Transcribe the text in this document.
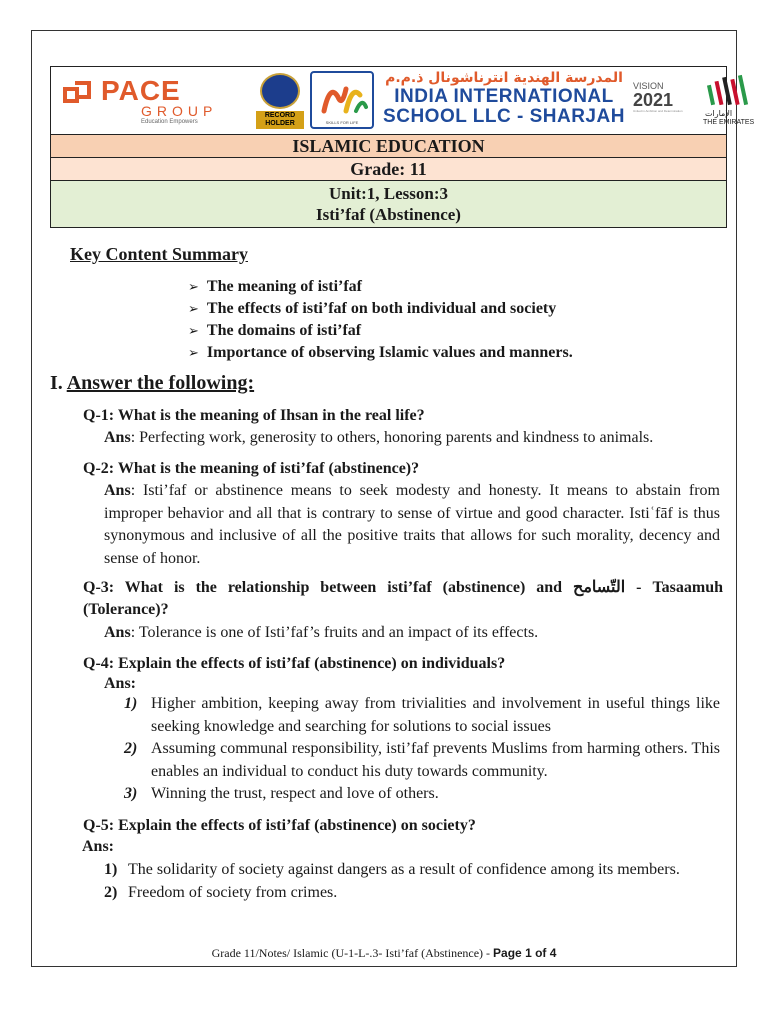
PACE
GROUP
Education Empowers
RECORD HOLDER	SKILLS FOR LIFE
المدرسة الهندية انترناشونال ذ.م.م
INDIA INTERNATIONAL
SCHOOL LLC - SHARJAH
VISION
2021
United in Ambition and Determination	الإمارات
THE EMIRATES
ISLAMIC EDUCATION
Grade: 11
Unit:1, Lesson:3
Isti’faf (Abstinence)
Key Content Summary
➢ The meaning of isti’faf
➢ The effects of isti’faf on both individual and society
➢ The domains of isti’faf
➢ Importance of observing Islamic values and manners.
I. Answer the following:
Q-1: What is the meaning of Ihsan in the real life?
Ans: Perfecting work, generosity to others, honoring parents and kindness to animals.
Q-2: What is the meaning of isti’faf (abstinence)?
Ans: Isti’faf or abstinence means to seek modesty and honesty. It means to abstain from improper behavior and all that is contrary to sense of virtue and good character. Istiʿfāf is thus synonymous and inclusive of all the positive traits that allows for such morality, decency and sense of honor.
Q-3: What is the relationship between isti’faf (abstinence) and التّسامح - Tasaamuh (Tolerance)?
Ans: Tolerance is one of Isti’faf’s fruits and an impact of its effects.
Q-4: Explain the effects of isti’faf (abstinence) on individuals?
Ans:
1) Higher ambition, keeping away from trivialities and involvement in useful things like seeking knowledge and searching for solutions to social issues
2) Assuming communal responsibility, isti’faf prevents Muslims from harming others. This enables an individual to conduct his duty towards community.
3) Winning the trust, respect and love of others.
Q-5: Explain the effects of isti’faf (abstinence) on society?
Ans:
1) The solidarity of society against dangers as a result of confidence among its members.
2) Freedom of society from crimes.
Grade 11/Notes/ Islamic (U-1-L-.3- Isti’faf (Abstinence) - Page 1 of 4
